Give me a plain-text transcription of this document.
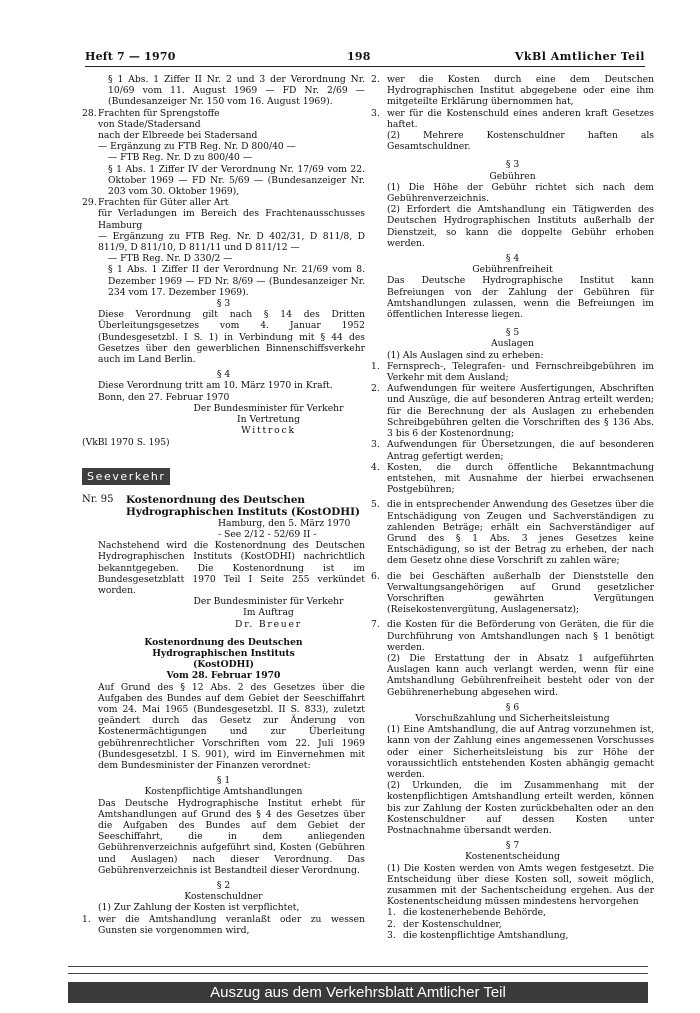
Heft 7 — 1970	198	VkBl Amtlicher Teil

§ 1 Abs. 1 Ziffer II Nr. 2 und 3 der Verordnung Nr. 10/69 vom 11. August 1969 — FD Nr. 2/69 — (Bundesanzeiger Nr. 150 vom 16. August 1969).

28. Frachten für Sprengstoffe

von Stade/Stadersand

nach der Elbreede bei Stadersand

— Ergänzung zu FTB Reg. Nr. D 800/40 —

— FTB Reg. Nr. D zu 800/40 —

§ 1 Abs. 1 Ziffer IV der Verordnung Nr. 17/69 vom 22. Oktober 1969 — FD Nr. 5/69 — (Bundesanzeiger Nr. 203 vom 30. Oktober 1969),

29. Frachten für Güter aller Art

für Verladungen im Bereich des Frachtenausschusses Hamburg

— Ergänzung zu FTB Reg. Nr. D 402/31, D 811/8, D 811/9, D 811/10, D 811/11 und D 811/12 —

— FTB Reg. Nr. D 330/2 —

§ 1 Abs. 1 Ziffer II der Verordnung Nr. 21/69 vom 8. Dezember 1969 — FD Nr. 8/69 — (Bundesanzeiger Nr. 234 vom 17. Dezember 1969).

§ 3

Diese Verordnung gilt nach § 14 des Dritten Überleitungsgesetzes vom 4. Januar 1952 (Bundesgesetzbl. I S. 1) in Verbindung mit § 44 des Gesetzes über den gewerblichen Binnenschiffsverkehr auch im Land Berlin.

§ 4

Diese Verordnung tritt am 10. März 1970 in Kraft.

Bonn, den 27. Februar 1970

Der Bundesminister für Verkehr

In Vertretung

Wittrock

(VkBl 1970 S. 195)

Seeverkehr
Nr. 95	Kostenordnung des Deutschen Hydrographischen Instituts (KostODHI)

Hamburg, den 5. März 1970

- See 2/12 - 52/69 II -

Nachstehend wird die Kostenordnung des Deutschen Hydrographischen Instituts (KostODHI) nachrichtlich bekanntgegeben. Die Kostenordnung ist im Bundesgesetzblatt 1970 Teil I Seite 255 verkündet worden.

Der Bundesminister für Verkehr

Im Auftrag

Dr. Breuer

Kostenordnung des Deutschen

Hydrographischen Instituts

(KostODHI)

Vom 28. Februar 1970

Auf Grund des § 12 Abs. 2 des Gesetzes über die Aufgaben des Bundes auf dem Gebiet der Seeschiffahrt vom 24. Mai 1965 (Bundesgesetzbl. II S. 833), zuletzt geändert durch das Gesetz zur Änderung von Kostenermächtigungen und zur Überleitung gebührenrechtlicher Vorschriften vom 22. Juli 1969 (Bundesgesetzbl. I S. 901), wird im Einvernehmen mit dem Bundesminister der Finanzen verordnet:

§ 1

Kostenpflichtige Amtshandlungen

Das Deutsche Hydrographische Institut erhebt für Amtshandlungen auf Grund des § 4 des Gesetzes über die Aufgaben des Bundes auf dem Gebiet der Seeschiffahrt, die in dem anliegenden Gebührenverzeichnis aufgeführt sind, Kosten (Gebühren und Auslagen) nach dieser Verordnung. Das Gebührenverzeichnis ist Bestandteil dieser Verordnung.

§ 2

Kostenschuldner

(1) Zur Zahlung der Kosten ist verpflichtet,

1. wer die Amtshandlung veranlaßt oder zu wessen Gunsten sie vorgenommen wird,
2. wer die Kosten durch eine dem Deutschen Hydrographischen Institut abgegebene oder eine ihm mitgeteilte Erklärung übernommen hat,
3. wer für die Kostenschuld eines anderen kraft Gesetzes haftet.

(2) Mehrere Kostenschuldner haften als Gesamtschuldner.

§ 3

Gebühren

(1) Die Höhe der Gebühr richtet sich nach dem Gebührenverzeichnis.

(2) Erfordert die Amtshandlung ein Tätigwerden des Deutschen Hydrographischen Instituts außerhalb der Dienstzeit, so kann die doppelte Gebühr erhoben werden.

§ 4

Gebührenfreiheit

Das Deutsche Hydrographische Institut kann Befreiungen von der Zahlung der Gebühren für Amtshandlungen zulassen, wenn die Befreiungen im öffentlichen Interesse liegen.

§ 5

Auslagen

(1) Als Auslagen sind zu erheben:

1. Fernsprech-, Telegrafen- und Fernschreibgebühren im Verkehr mit dem Ausland;
2. Aufwendungen für weitere Ausfertigungen, Abschriften und Auszüge, die auf besonderen Antrag erteilt werden; für die Berechnung der als Auslagen zu erhebenden Schreibgebühren gelten die Vorschriften des § 136 Abs. 3 bis 6 der Kostenordnung;
3. Aufwendungen für Übersetzungen, die auf besonderen Antrag gefertigt werden;
4. Kosten, die durch öffentliche Bekanntmachung entstehen, mit Ausnahme der hierbei erwachsenen Postgebühren;
5. die in entsprechender Anwendung des Gesetzes über die Entschädigung von Zeugen und Sachverständigen zu zahlenden Beträge; erhält ein Sachverständiger auf Grund des § 1 Abs. 3 jenes Gesetzes keine Entschädigung, so ist der Betrag zu erheben, der nach dem Gesetz ohne diese Vorschrift zu zahlen wäre;
6. die bei Geschäften außerhalb der Dienststelle den Verwaltungsangehörigen auf Grund gesetzlicher Vorschriften gewährten Vergütungen (Reisekostenvergütung, Auslagenersatz);
7. die Kosten für die Beförderung von Geräten, die für die Durchführung von Amtshandlungen nach § 1 benötigt werden.

(2) Die Erstattung der in Absatz 1 aufgeführten Auslagen kann auch verlangt werden, wenn für eine Amtshandlung Gebührenfreiheit besteht oder von der Gebührenerhebung abgesehen wird.

§ 6

Vorschußzahlung und Sicherheitsleistung

(1) Eine Amtshandlung, die auf Antrag vorzunehmen ist, kann von der Zahlung eines angemessenen Vorschusses oder einer Sicherheitsleistung bis zur Höhe der voraussichtlich entstehenden Kosten abhängig gemacht werden.

(2) Urkunden, die im Zusammenhang mit der kostenpflichtigen Amtshandlung erteilt werden, können bis zur Zahlung der Kosten zurückbehalten oder an den Kostenschuldner auf dessen Kosten unter Postnachnahme übersandt werden.

§ 7

Kostenentscheidung

(1) Die Kosten werden von Amts wegen festgesetzt. Die Entscheidung über diese Kosten soll, soweit möglich, zusammen mit der Sachentscheidung ergehen. Aus der Kostenentscheidung müssen mindestens hervorgehen

1. die kostenerhebende Behörde,
2. der Kostenschuldner,
3. die kostenpflichtige Amtshandlung,
Auszug aus dem Verkehrsblatt Amtlicher Teil
